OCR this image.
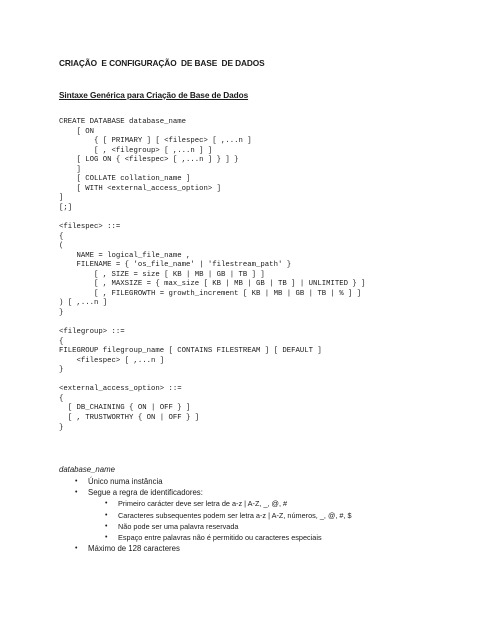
CRIAÇÃO  E CONFIGURAÇÃO  DE BASE  DE DADOS
Sintaxe Genérica para Criação de Base de Dados
CREATE DATABASE database_name
[ ON
{ [ PRIMARY ] [ <filespec> [ ,...n ]
[ , <filegroup> [ ,...n ] ]
[ LOG ON { <filespec> [ ,...n ] } ] }
]
[ COLLATE collation_name ]
[ WITH <external_access_option> ]
]
[;]
<filespec> ::=
{
(
NAME = logical_file_name ,
FILENAME = { 'os_file_name' | 'filestream_path' }
[ , SIZE = size [ KB | MB | GB | TB ] ]
[ , MAXSIZE = { max_size [ KB | MB | GB | TB ] | UNLIMITED } ]
[ , FILEGROWTH = growth_increment [ KB | MB | GB | TB | % ] ]
) [ ,...n ]
}
<filegroup> ::=
{
FILEGROUP filegroup_name [ CONTAINS FILESTREAM ] [ DEFAULT ]
<filespec> [ ,...n ]
}
<external_access_option> ::=
{
[ DB_CHAINING { ON | OFF } ]
[ , TRUSTWORTHY { ON | OFF } ]
}
database_name
• Único numa instância
• Segue a regra de identificadores:
• Primeiro carácter deve ser letra de a-z | A-Z, _, @, #
• Caracteres subsequentes podem ser letra a-z | A-Z, números, _, @, #, $
• Não pode ser uma palavra reservada
• Espaço entre palavras não é permitido ou caracteres especiais
• Máximo de 128 caracteres
